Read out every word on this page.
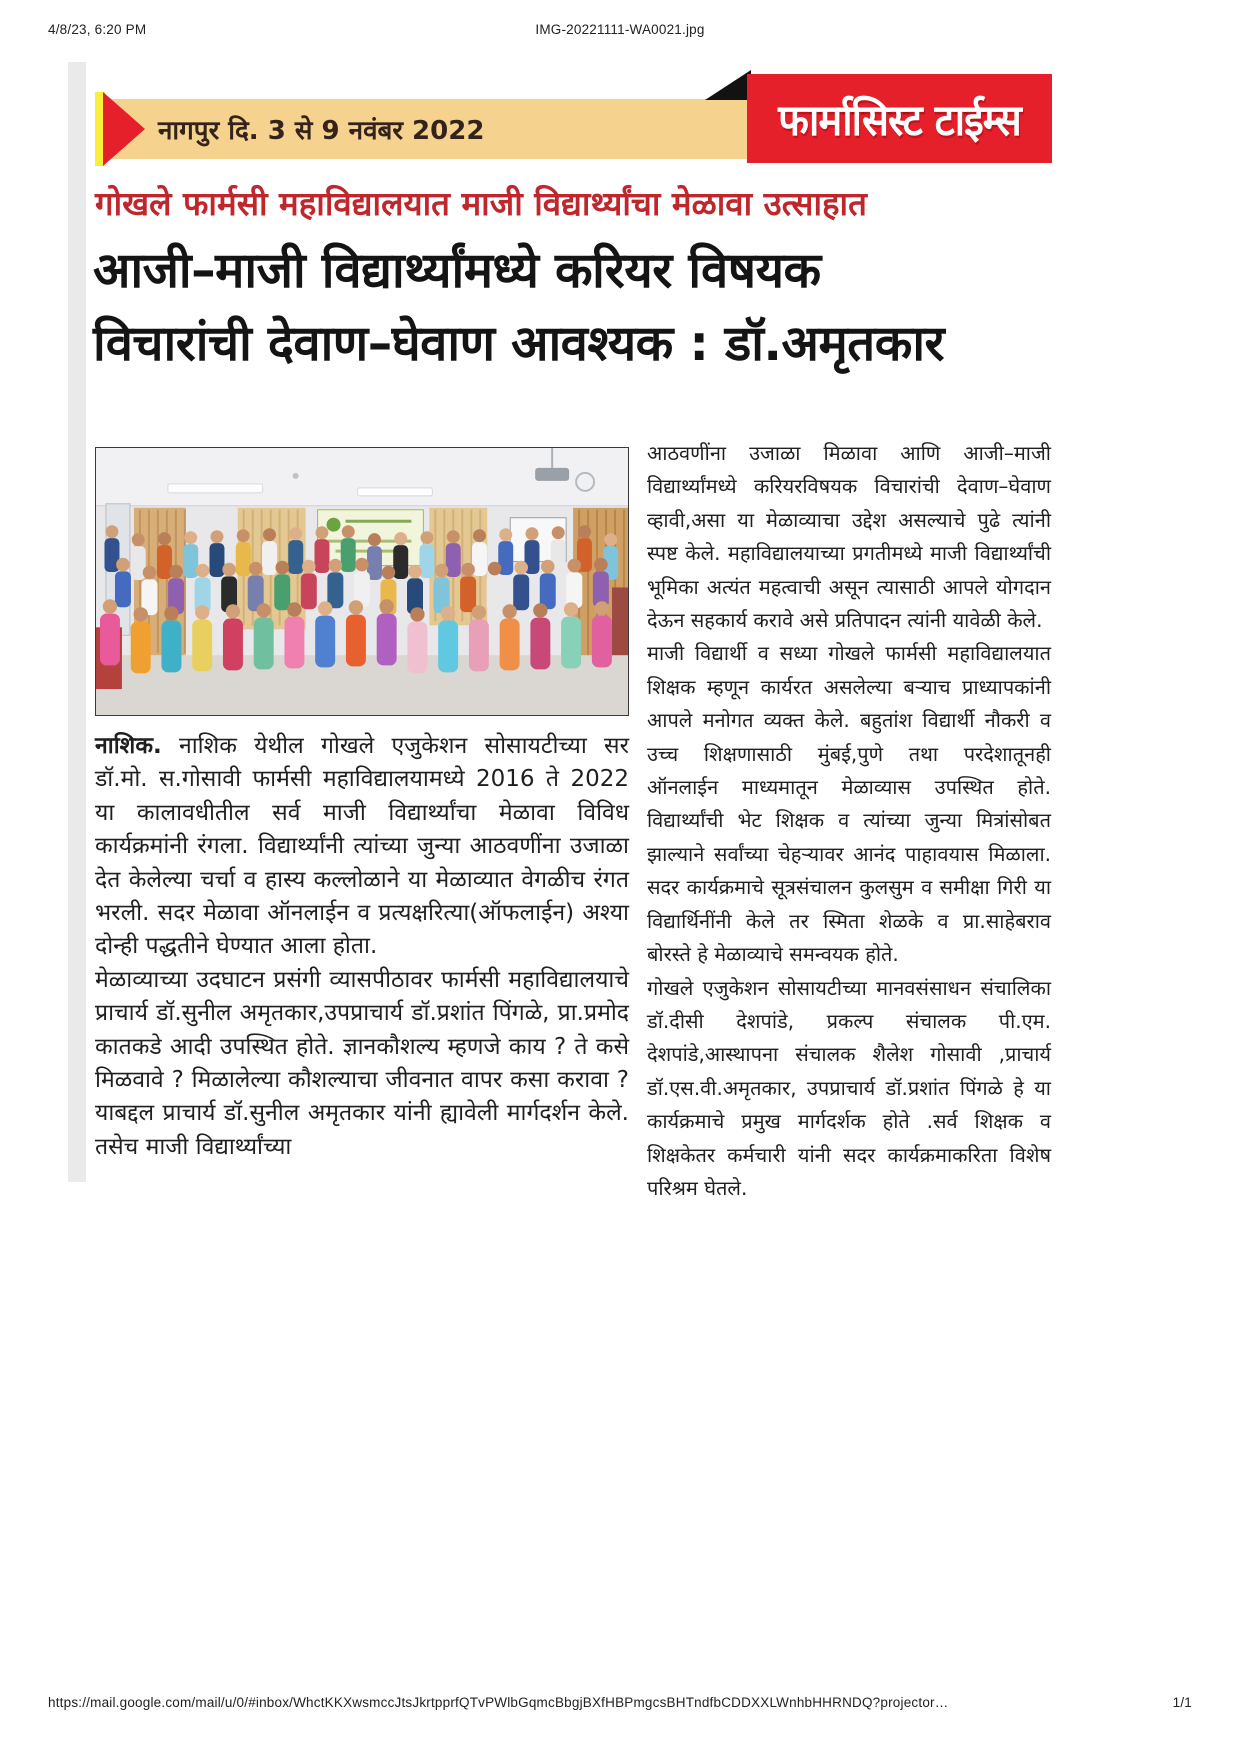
4/8/23, 6:20 PM	IMG-20221111-WA0021.jpg
नागपुर दि. 3 से 9 नवंबर 2022	फार्मासिस्ट टाईम्स
गोखले फार्मसी महाविद्यालयात माजी विद्यार्थ्यांचा मेळावा उत्साहात
आजी–माजी विद्यार्थ्यांमध्ये करियर विषयक
विचारांची देवाण–घेवाण आवश्यक : डॉ.अमृतकार

नाशिक. नाशिक येथील गोखले एजुकेशन सोसायटीच्या सर डॉ.मो. स.गोसावी फार्मसी महाविद्यालयामध्ये 2016 ते 2022 या कालावधीतील सर्व माजी विद्यार्थ्यांचा मेळावा विविध कार्यक्रमांनी रंगला. विद्यार्थ्यांनी त्यांच्या जुन्या आठवणींना उजाळा देत केलेल्या चर्चा व हास्य कल्लोळाने या मेळाव्यात वेगळीच रंगत भरली. सदर मेळावा ऑनलाईन व प्रत्यक्षरित्या(ऑफलाईन) अश्या दोन्ही पद्धतीने घेण्यात आला होता.

मेळाव्याच्या उदघाटन प्रसंगी व्यासपीठावर फार्मसी महाविद्यालयाचे प्राचार्य डॉ.सुनील अमृतकार,उपप्राचार्य डॉ.प्रशांत पिंगळे, प्रा.प्रमोद कातकडे आदी उपस्थित होते. ज्ञानकौशल्य म्हणजे काय ? ते कसे मिळवावे ? मिळालेल्या कौशल्याचा जीवनात वापर कसा करावा ? याबद्दल प्राचार्य डॉ.सुनील अमृतकार यांनी ह्यावेली मार्गदर्शन केले. तसेच माजी विद्यार्थ्यांच्या

आठवणींना उजाळा मिळावा आणि आजी–माजी विद्यार्थ्यांमध्ये करियरविषयक विचारांची देवाण–घेवाण व्हावी,असा या मेळाव्याचा उद्देश असल्याचे पुढे त्यांनी स्पष्ट केले. महाविद्यालयाच्या प्रगतीमध्ये माजी विद्यार्थ्यांची भूमिका अत्यंत महत्वाची असून त्यासाठी आपले योगदान देऊन सहकार्य करावे असे प्रतिपादन त्यांनी यावेळी केले.

माजी विद्यार्थी व सध्या गोखले फार्मसी महाविद्यालयात शिक्षक म्हणून कार्यरत असलेल्या बर्‍याच प्राध्यापकांनी आपले मनोगत व्यक्त केले. बहुतांश विद्यार्थी नौकरी व उच्च शिक्षणासाठी मुंबई,पुणे तथा परदेशातूनही ऑनलाईन माध्यमातून मेळाव्यास उपस्थित होते. विद्यार्थ्यांची भेट शिक्षक व त्यांच्या जुन्या मित्रांसोबत झाल्याने सर्वांच्या चेहर्‍यावर आनंद पाहावयास मिळाला. सदर कार्यक्रमाचे सूत्रसंचालन कुलसुम व समीक्षा गिरी या विद्यार्थिनींनी केले तर स्मिता शेळके व प्रा.साहेबराव बोरस्ते हे मेळाव्याचे समन्वयक होते.

गोखले एजुकेशन सोसायटीच्या मानवसंसाधन संचालिका डॉ.दीसी देशपांडे, प्रकल्प संचालक पी.एम. देशपांडे,आस्थापना संचालक शैलेश गोसावी ,प्राचार्य डॉ.एस.वी.अमृतकार, उपप्राचार्य डॉ.प्रशांत पिंगळे हे या कार्यक्रमाचे प्रमुख मार्गदर्शक होते .सर्व शिक्षक व शिक्षकेतर कर्मचारी यांनी सदर कार्यक्रमाकरिता विशेष परिश्रम घेतले.

https://mail.google.com/mail/u/0/#inbox/WhctKKXwsmccJtsJkrtpprfQTvPWlbGqmcBbgjBXfHBPmgcsBHTndfbCDDXXLWnhbHHRNDQ?projector…	1/1
